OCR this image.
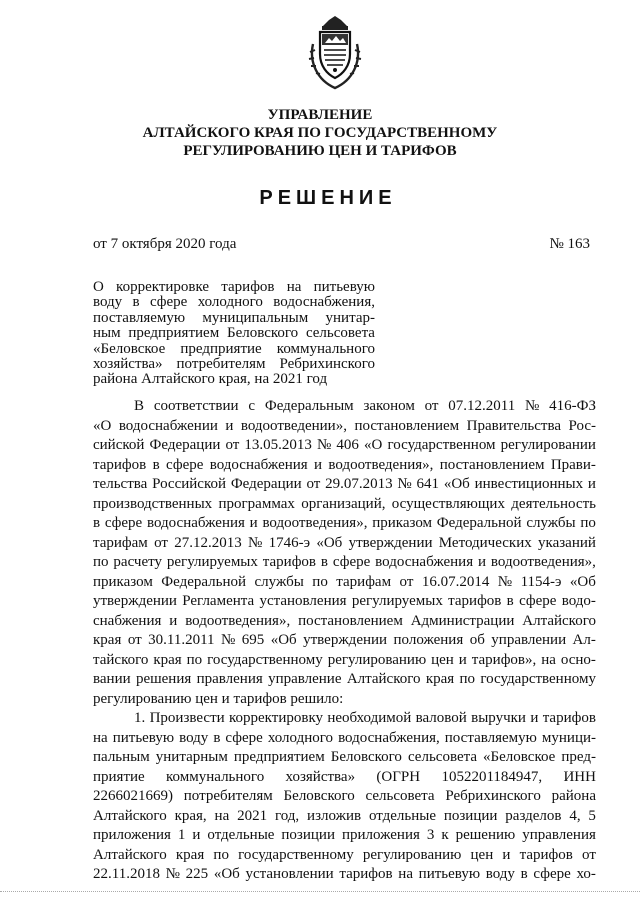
УПРАВЛЕНИЕ
АЛТАЙСКОГО КРАЯ ПО ГОСУДАРСТВЕННОМУ
РЕГУЛИРОВАНИЮ ЦЕН И ТАРИФОВ
РЕШЕНИЕ
от 7 октября 2020 года	№ 163
О корректировке тарифов на питьевую
воду в сфере холодного водоснабжения,
поставляемую муниципальным унитар-
ным предприятием Беловского сельсовета
«Беловское предприятие коммунального
хозяйства» потребителям Ребрихинского
района Алтайского края, на 2021 год
В соответствии с Федеральным законом от 07.12.2011 № 416-ФЗ
«О водоснабжении и водоотведении», постановлением Правительства Рос-
сийской Федерации от 13.05.2013 № 406 «О государственном регулировании
тарифов в сфере водоснабжения и водоотведения», постановлением Прави-
тельства Российской Федерации от 29.07.2013 № 641 «Об инвестиционных и
производственных программах организаций, осуществляющих деятельность
в сфере водоснабжения и водоотведения», приказом Федеральной службы по
тарифам от 27.12.2013 № 1746-э «Об утверждении Методических указаний
по расчету регулируемых тарифов в сфере водоснабжения и водоотведения»,
приказом Федеральной службы по тарифам от 16.07.2014 № 1154-э «Об
утверждении Регламента установления регулируемых тарифов в сфере водо-
снабжения и водоотведения», постановлением Администрации Алтайского
края от 30.11.2011 № 695 «Об утверждении положения об управлении Ал-
тайского края по государственному регулированию цен и тарифов», на осно-
вании решения правления управление Алтайского края по государственному
регулированию цен и тарифов решило:
1. Произвести корректировку необходимой валовой выручки и тарифов
на питьевую воду в сфере холодного водоснабжения, поставляемую муници-
пальным унитарным предприятием Беловского сельсовета «Беловское пред-
приятие коммунального хозяйства» (ОГРН 1052201184947, ИНН
2266021669) потребителям Беловского сельсовета Ребрихинского района
Алтайского края, на 2021 год, изложив отдельные позиции разделов 4, 5
приложения 1 и отдельные позиции приложения 3 к решению управления
Алтайского края по государственному регулированию цен и тарифов от
22.11.2018 № 225 «Об установлении тарифов на питьевую воду в сфере хо-
